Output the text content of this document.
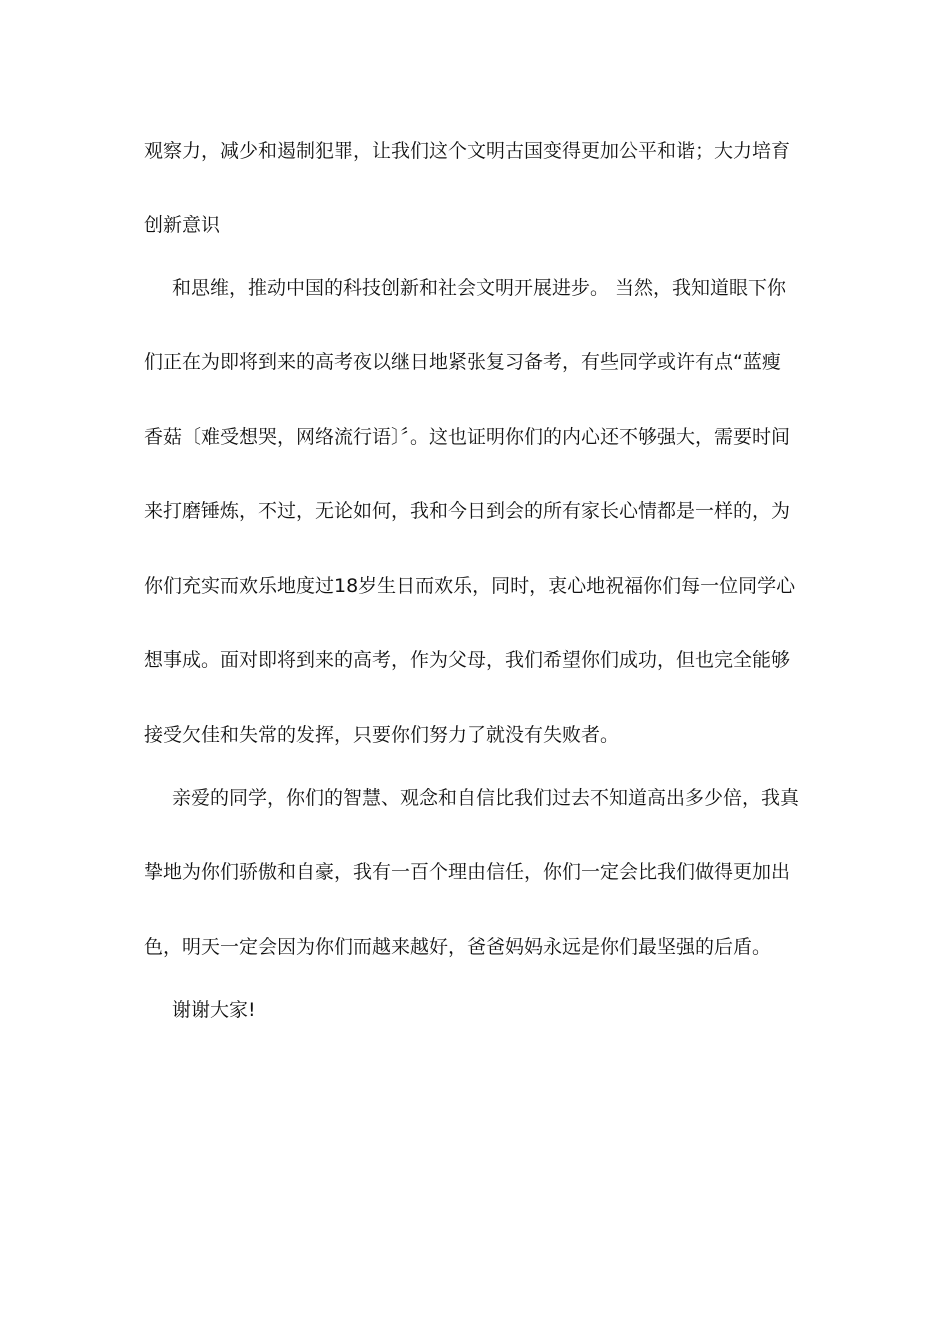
观察力，减少和遏制犯罪，让我们这个文明古国变得更加公平和谐；大力培育
创新意识
和思维，推动中国的科技创新和社会文明开展进步。 当然，我知道眼下你
们正在为即将到来的高考夜以继日地紧张复习备考，有些同学或许有点“蓝瘦
香菇〔难受想哭，网络流行语〕〞。这也证明你们的内心还不够强大，需要时间
来打磨锤炼，不过，无论如何，我和今日到会的所有家长心情都是一样的，为
你们充实而欢乐地度过18岁生日而欢乐，同时，衷心地祝福你们每一位同学心
想事成。面对即将到来的高考，作为父母，我们希望你们成功，但也完全能够
接受欠佳和失常的发挥，只要你们努力了就没有失败者。
亲爱的同学，你们的智慧、观念和自信比我们过去不知道高出多少倍，我真
挚地为你们骄傲和自豪，我有一百个理由信任，你们一定会比我们做得更加出
色，明天一定会因为你们而越来越好，爸爸妈妈永远是你们最坚强的后盾。
谢谢大家!
